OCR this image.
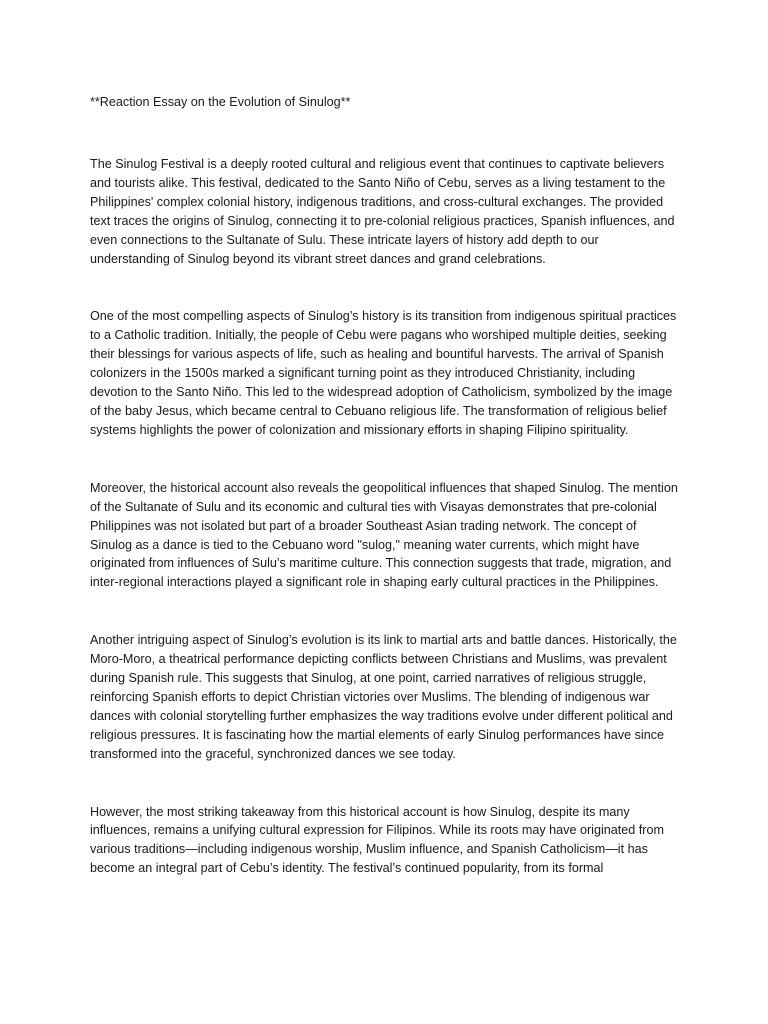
**Reaction Essay on the Evolution of Sinulog**

The Sinulog Festival is a deeply rooted cultural and religious event that continues to captivate believers and tourists alike. This festival, dedicated to the Santo Niño of Cebu, serves as a living testament to the Philippines' complex colonial history, indigenous traditions, and cross-cultural exchanges. The provided text traces the origins of Sinulog, connecting it to pre-colonial religious practices, Spanish influences, and even connections to the Sultanate of Sulu. These intricate layers of history add depth to our understanding of Sinulog beyond its vibrant street dances and grand celebrations.

One of the most compelling aspects of Sinulog’s history is its transition from indigenous spiritual practices to a Catholic tradition. Initially, the people of Cebu were pagans who worshiped multiple deities, seeking their blessings for various aspects of life, such as healing and bountiful harvests. The arrival of Spanish colonizers in the 1500s marked a significant turning point as they introduced Christianity, including devotion to the Santo Niño. This led to the widespread adoption of Catholicism, symbolized by the image of the baby Jesus, which became central to Cebuano religious life. The transformation of religious belief systems highlights the power of colonization and missionary efforts in shaping Filipino spirituality.

Moreover, the historical account also reveals the geopolitical influences that shaped Sinulog. The mention of the Sultanate of Sulu and its economic and cultural ties with Visayas demonstrates that pre-colonial Philippines was not isolated but part of a broader Southeast Asian trading network. The concept of Sinulog as a dance is tied to the Cebuano word "sulog," meaning water currents, which might have originated from influences of Sulu’s maritime culture. This connection suggests that trade, migration, and inter-regional interactions played a significant role in shaping early cultural practices in the Philippines.

Another intriguing aspect of Sinulog’s evolution is its link to martial arts and battle dances. Historically, the Moro-Moro, a theatrical performance depicting conflicts between Christians and Muslims, was prevalent during Spanish rule. This suggests that Sinulog, at one point, carried narratives of religious struggle, reinforcing Spanish efforts to depict Christian victories over Muslims. The blending of indigenous war dances with colonial storytelling further emphasizes the way traditions evolve under different political and religious pressures. It is fascinating how the martial elements of early Sinulog performances have since transformed into the graceful, synchronized dances we see today.

However, the most striking takeaway from this historical account is how Sinulog, despite its many influences, remains a unifying cultural expression for Filipinos. While its roots may have originated from various traditions—including indigenous worship, Muslim influence, and Spanish Catholicism—it has become an integral part of Cebu’s identity. The festival’s continued popularity, from its formal
